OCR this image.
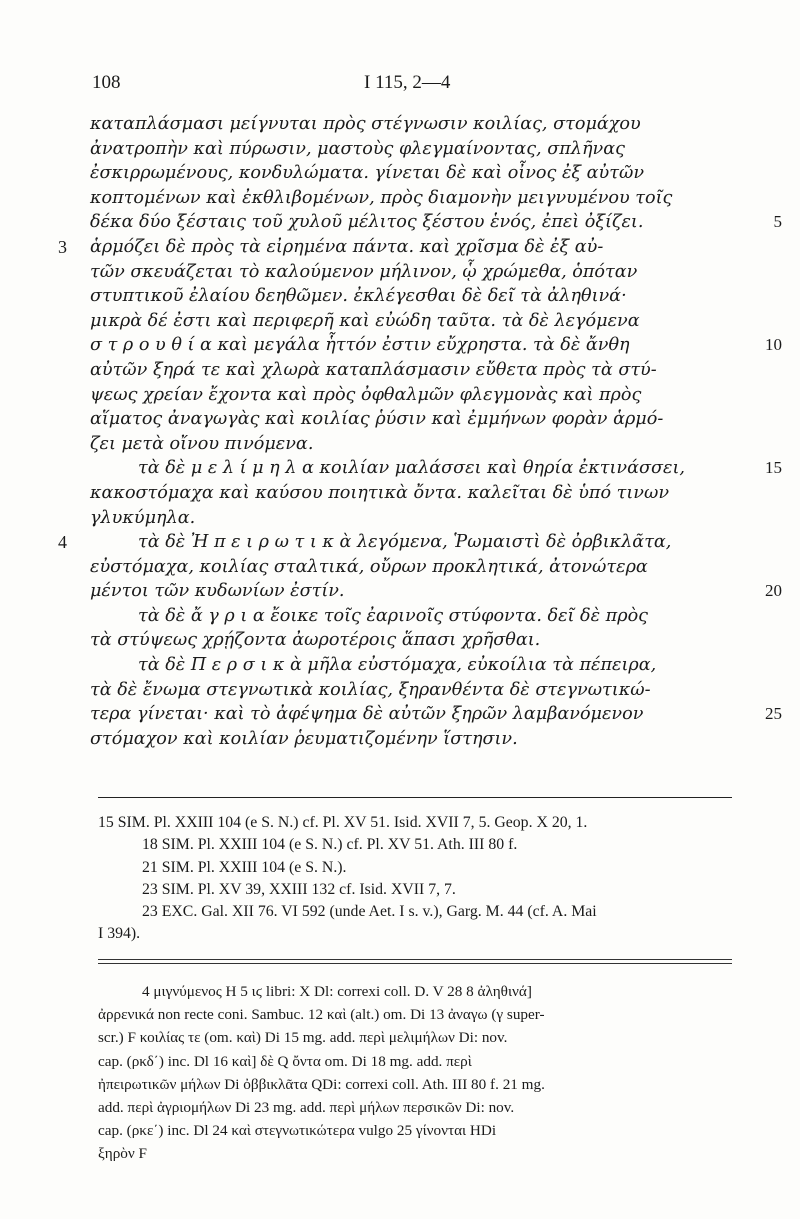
108	I 115, 2—4
καταπλάσμασι μείγνυται πρὸς στέγνωσιν κοιλίας, στομάχου
ἀνατροπὴν καὶ πύρωσιν, μαστοὺς φλεγμαίνοντας, σπλῆνας
ἐσκιρρωμένους, κονδυλώματα. γίνεται δὲ καὶ οἶνος ἐξ αὐτῶν
κοπτομένων καὶ ἐκθλιβομένων, πρὸς διαμονὴν μειγνυμένου τοῖς
δέκα δύο ξέσταις τοῦ χυλοῦ μέλιτος ξέστου ἑνός, ἐπεὶ ὀξίζει.	5
ἁρμόζει δὲ πρὸς τὰ εἰρημένα πάντα. καὶ χρῖσμα δὲ ἐξ αὐ-
3
τῶν σκευάζεται τὸ καλούμενον μήλινον, ᾧ χρώμεθα, ὁπόταν
στυπτικοῦ ἐλαίου δεηθῶμεν. ἐκλέγεσθαι δὲ δεῖ τὰ ἀληθινά·
μικρὰ δέ ἐστι καὶ περιφερῆ καὶ εὐώδη ταῦτα. τὰ δὲ λεγόμενα
σ τ ρ ο υ θ ί α καὶ μεγάλα ἧττόν ἐστιν εὔχρηστα. τὰ δὲ ἄνθη	10
αὐτῶν ξηρά τε καὶ χλωρὰ καταπλάσμασιν εὔθετα πρὸς τὰ στύ-
ψεως χρείαν ἔχοντα καὶ πρὸς ὀφθαλμῶν φλεγμονὰς καὶ πρὸς
αἵματος ἀναγωγὰς καὶ κοιλίας ῥύσιν καὶ ἐμμήνων φορὰν ἁρμό-
ζει μετὰ οἴνου πινόμενα.
τὰ δὲ μ ε λ ί μ η λ α κοιλίαν μαλάσσει καὶ θηρία ἐκτινάσσει,	15
κακοστόμαχα καὶ καύσου ποιητικὰ ὄντα. καλεῖται δὲ ὑπό τινων
γλυκύμηλα.
τὰ δὲ Ἠ π ε ι ρ ω τ ι κ ὰ λεγόμενα, Ῥωμαιστὶ δὲ ὀρβικλᾶτα,
4
εὐστόμαχα, κοιλίας σταλτικά, οὔρων προκλητικά, ἀτονώτερα
μέντοι τῶν κυδωνίων ἐστίν.	20
τὰ δὲ ἄ γ ρ ι α ἔοικε τοῖς ἐαρινοῖς στύφοντα. δεῖ δὲ πρὸς
τὰ στύψεως χρῄζοντα ἀωροτέροις ἅπασι χρῆσθαι.
τὰ δὲ Π ε ρ σ ι κ ὰ μῆλα εὐστόμαχα, εὐκοίλια τὰ πέπειρα,
τὰ δὲ ἔνωμα στεγνωτικὰ κοιλίας, ξηρανθέντα δὲ στεγνωτικώ-
τερα γίνεται· καὶ τὸ ἀφέψημα δὲ αὐτῶν ξηρῶν λαμβανόμενον	25
στόμαχον καὶ κοιλίαν ῥευματιζομένην ἵστησιν.
15 SIM. Pl. XXIII 104 (e S. N.) cf. Pl. XV 51. Isid. XVII 7, 5. Geop. X 20, 1.
18 SIM. Pl. XXIII 104 (e S. N.) cf. Pl. XV 51. Ath. III 80 f.
21 SIM. Pl. XXIII 104 (e S. N.).
23 SIM. Pl. XV 39, XXIII 132 cf. Isid. XVII 7, 7.
23 EXC. Gal. XII 76. VI 592 (unde Aet. I s. v.), Garg. M. 44 (cf. A. Mai
I 394).
4 μιγνύμενος H 5 ιϛ libri: X Dl: correxi coll. D. V 28 8 ἀληθινά]
ἀρρενικά non recte coni. Sambuc. 12 καὶ (alt.) om. Di 13 ἀναγω (γ super-
scr.) F κοιλίας τε (om. καὶ) Di 15 mg. add. περὶ μελιμήλων Di: nov.
cap. (ρκδ΄) inc. Dl 16 καὶ] δὲ Q ὄντα om. Di 18 mg. add. περὶ
ἠπειρωτικῶν μήλων Di ὀββικλᾶτα QDi: correxi coll. Ath. III 80 f. 21 mg.
add. περὶ ἀγριομήλων Di 23 mg. add. περὶ μήλων περσικῶν Di: nov.
cap. (ρκε΄) inc. Dl 24 καὶ στεγνωτικώτερα vulgo 25 γίνονται HDi
ξηρὸν F
